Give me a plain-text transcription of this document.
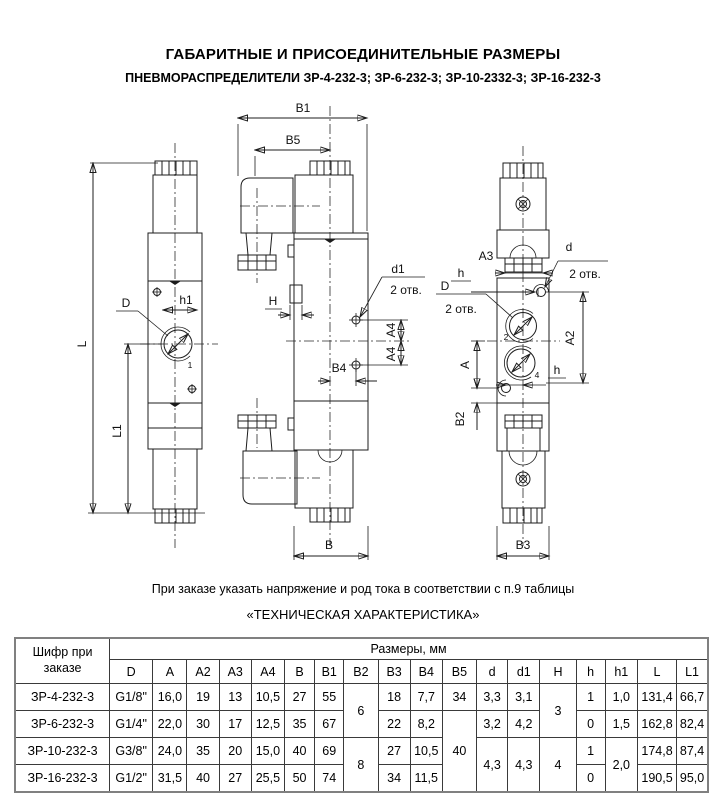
ГАБАРИТНЫЕ И ПРИСОЕДИНИТЕЛЬНЫЕ РАЗМЕРЫ
ПНЕВМОРАСПРЕДЕЛИТЕЛИ ЗР-4-232-3; ЗР-6-232-3; ЗР-10-2332-3; ЗР-16-232-3
h1
D
1
L
L1
B1
B5
H
d1
2 отв.
A4
A4
B4
B
A3
d
2 отв.
h
D
2 отв.
2
4 h
A
B2
A2
B3
При заказе указать напряжение и род тока в соответствии с п.9 таблицы
«ТЕХНИЧЕСКАЯ ХАРАКТЕРИСТИКА»
Шифр при заказе	Размеры, мм																	
	D	A	A2	A3	A4	B	B1	B2	B3	B4	B5	d	d1	H	h	h1	L	L1
ЗР-4-232-3	G1/8"	16,0	19	13	10,5	27	55	6	18	7,7	34	3,3	3,1	3	1	1,0	131,4	66,7
ЗР-6-232-3	G1/4"	22,0	30	17	12,5	35	67		22	8,2	40	3,2	4,2		0	1,5	162,8	82,4
ЗР-10-232-3	G3/8"	24,0	35	20	15,0	40	69	8	27	10,5		4,3	4,3	4	1	2,0	174,8	87,4
ЗР-16-232-3	G1/2"	31,5	40	27	25,5	50	74		34	11,5					0		190,5	95,0
